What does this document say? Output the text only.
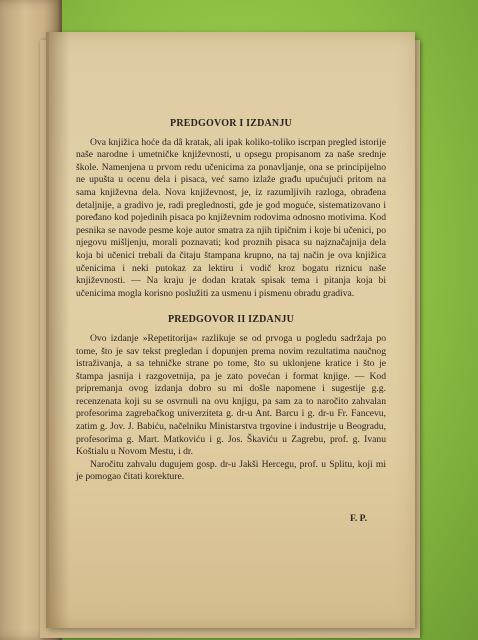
PREDGOVOR I IZDANJU

Ova knjižica hoće da dâ kratak, ali ipak koliko-toliko iscrpan pregled istorije naše narodne i umetničke književnosti, u opsegu propisanom za naše srednje škole. Namenjena u prvom redu učenicima za ponavljanje, ona se principijelno ne upušta u ocenu dela i pisaca, već samo izlaže građu upućujući pritom na sama književna dela. Nova književnost, je, iz razumljivih razloga, obrađena detaljnije, a gradivo je, radi preglednosti, gde je god moguće, sistematizovano i poređano kod pojedinih pisaca po književnim rodovima odnosno motivima. Kod pesnika se navode pesme koje autor smatra za njih tipičnim i koje bi učenici, po njegovu mišljenju, morali poznavati; kod proznih pisaca su najznačajnija dela koja bi učenici trebali da čitaju štampana krupno, na taj način je ova knjižica učenicima i neki putokaz za lektiru i vodič kroz bogatu riznicu naše književnosti. — Na kraju je dodan kratak spisak tema i pitanja koja bi učenicima mogla korisno poslužiti za usmenu i pismenu obradu gradiva.

PREDGOVOR II IZDANJU

Ovo izdanje »Repetitorija« razlikuje se od prvoga u pogledu sadržaja po tome, što je sav tekst pregledan i dopunjen prema novim rezultatima naučnog istraživanja, a sa tehničke strane po tome, što su uklonjene kratice i što je štampa jasnija i razgovetnija, pa je zato povećan i format knjige. — Kod pripremanja ovog izdanja dobro su mi došle napomene i sugestije g.g. recenzenata koji su se osvrnuli na ovu knjigu, pa sam za to naročito zahvalan profesorima zagrebačkog univerziteta g. dr-u Ant. Barcu i g. dr-u Fr. Fancevu, zatim g. Jov. J. Babiću, načelniku Ministarstva trgovine i industrije u Beogradu, profesorima g. Mart. Matkoviću i g. Jos. Škaviću u Zagrebu, prof. g. Ivanu Koštialu u Novom Mestu, i dr.

Naročitu zahvalu dugujem gosp. dr-u Jakši Hercegu, prof. u Splitu, koji mi je pomogao čitati korekture.

F. P.
